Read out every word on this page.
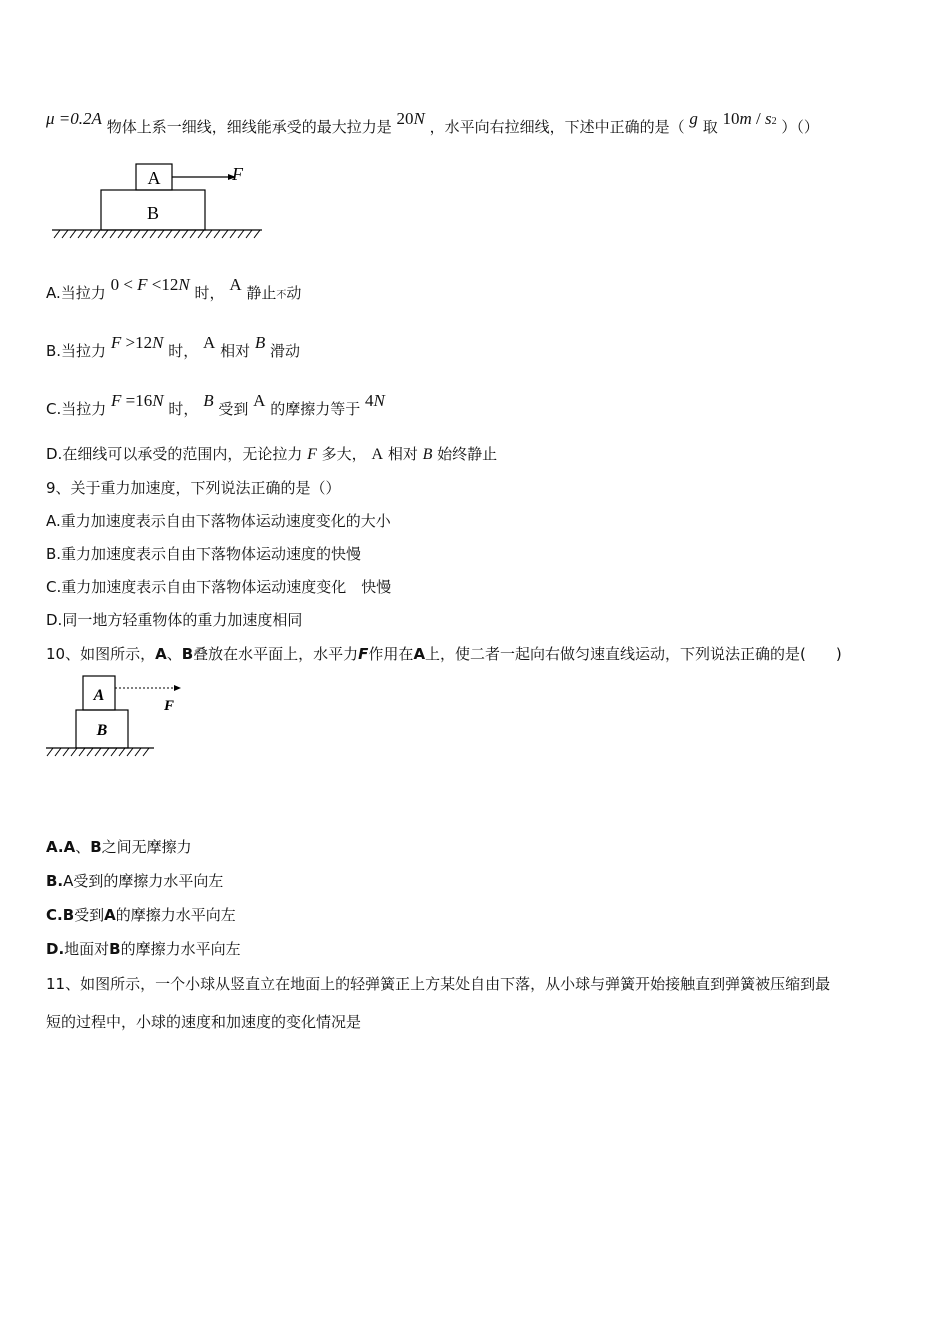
μ =0.2A 物体上系一细线，细线能承受的最大拉力是 20N ，水平向右拉细线，下述中正确的是（ g 取 $10m / s^2$ ）（）
A
B
F
A.当拉力 0 < F <12N 时， A 静止不动
B.当拉力 F >12N 时， A 相对 B 滑动
C.当拉力 F =16N 时， B 受到 A 的摩擦力等于 4N
D.在细线可以承受的范围内，无论拉力 F 多大， A 相对 B 始终静止
9、关于重力加速度，下列说法正确的是（）
A.重力加速度表示自由下落物体运动速度变化的大小
B.重力加速度表示自由下落物体运动速度的快慢
C.重力加速度表示自由下落物体运动速度变化　快慢
D.同一地方轻重物体的重力加速度相同
10、如图所示，A、B叠放在水平面上，水平力F作用在A上，使二者一起向右做匀速直线运动，下列说法正确的是(　　 )
A
B
F
A.A、B之间无摩擦力
B.A受到的摩擦力水平向左
C.B受到A的摩擦力水平向左
D.地面对B的摩擦力水平向左
11、如图所示，一个小球从竖直立在地面上的轻弹簧正上方某处自由下落，从小球与弹簧开始接触直到弹簧被压缩到最
短的过程中，小球的速度和加速度的变化情况是
